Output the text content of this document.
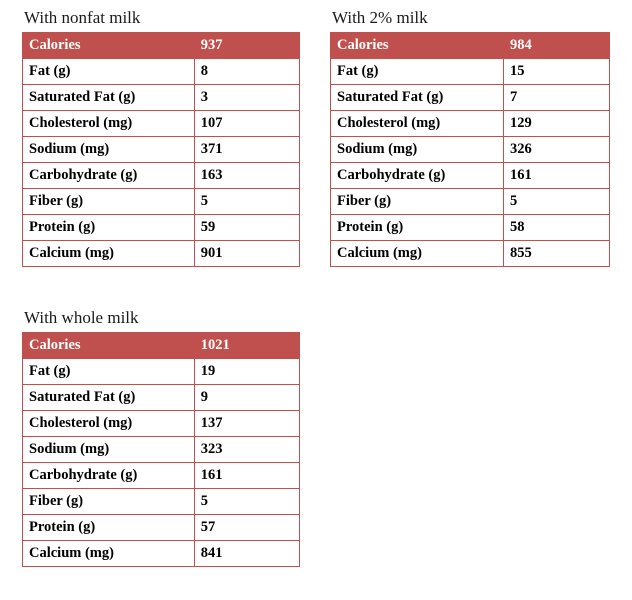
With nonfat milk
Calories	937
Fat (g)	8
Saturated Fat (g)	3
Cholesterol (mg)	107
Sodium (mg)	371
Carbohydrate (g)	163
Fiber (g)	5
Protein (g)	59
Calcium (mg)	901
With 2% milk
Calories	984
Fat (g)	15
Saturated Fat (g)	7
Cholesterol (mg)	129
Sodium (mg)	326
Carbohydrate (g)	161
Fiber (g)	5
Protein (g)	58
Calcium (mg)	855
With whole milk
Calories	1021
Fat (g)	19
Saturated Fat (g)	9
Cholesterol (mg)	137
Sodium (mg)	323
Carbohydrate (g)	161
Fiber (g)	5
Protein (g)	57
Calcium (mg)	841
